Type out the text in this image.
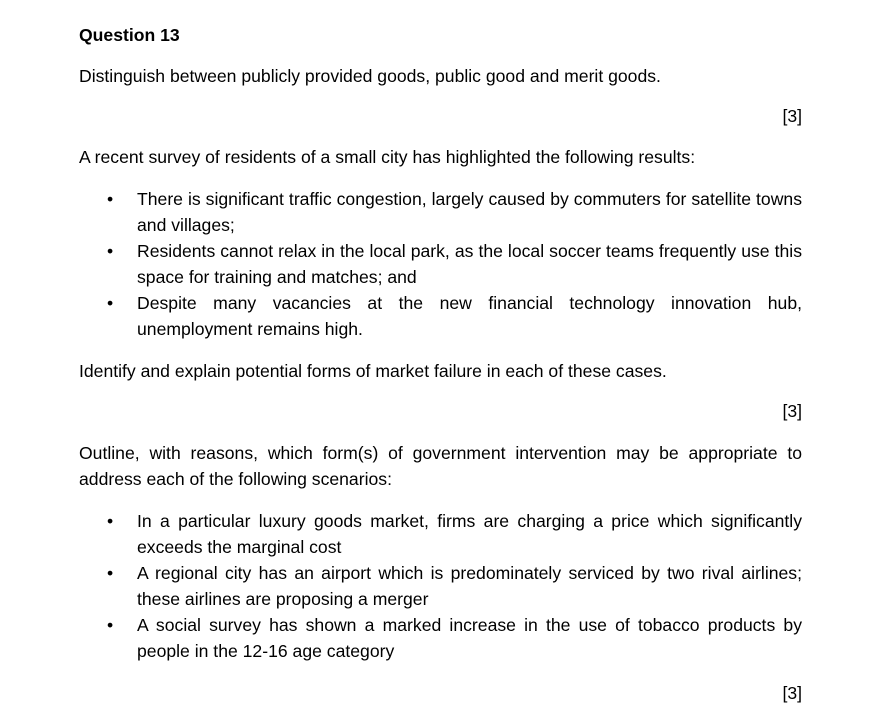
Question 13

Distinguish between publicly provided goods, public good and merit goods.

[3]

A recent survey of residents of a small city has highlighted the following results:

• There is significant traffic congestion, largely caused by commuters for satellite towns and villages;
• Residents cannot relax in the local park, as the local soccer teams frequently use this space for training and matches; and
• Despite many vacancies at the new financial technology innovation hub, unemployment remains high.

Identify and explain potential forms of market failure in each of these cases.

[3]

Outline, with reasons, which form(s) of government intervention may be appropriate to address each of the following scenarios:

• In a particular luxury goods market, firms are charging a price which significantly exceeds the marginal cost
• A regional city has an airport which is predominately serviced by two rival airlines; these airlines are proposing a merger
• A social survey has shown a marked increase in the use of tobacco products by people in the 12-16 age category

[3]
